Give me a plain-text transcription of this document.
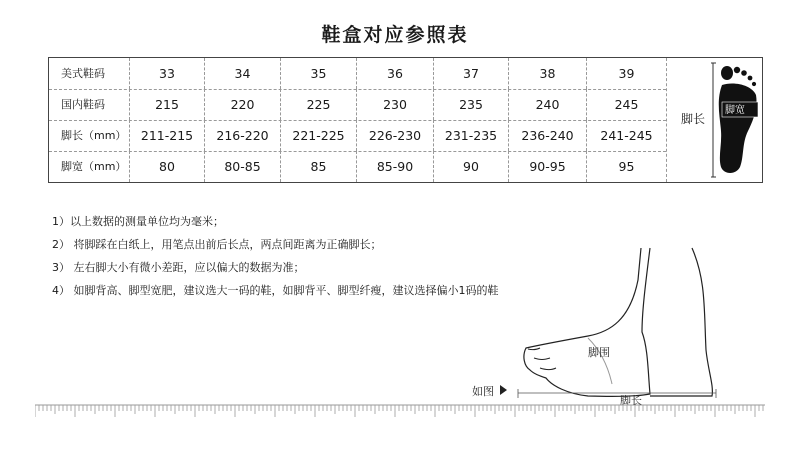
鞋盒对应参照表
美式鞋码	33	34	35	36	37	38	39
国内鞋码	215	220	225	230	235	240	245
脚长（mm）	211-215	216-220	221-225	226-230	231-235	236-240	241-245
脚宽（mm）	80	80-85	85	85-90	90	90-95	95
脚长
脚宽
1）以上数据的测量单位均为毫米；
2） 将脚踩在白纸上，用笔点出前后长点，两点间距离为正确脚长；
3） 左右脚大小有微小差距，应以偏大的数据为准；
4） 如脚背高、脚型宽肥，建议选大一码的鞋，如脚背平、脚型纤瘦，建议选择偏小1码的鞋
脚围
脚长
如图
